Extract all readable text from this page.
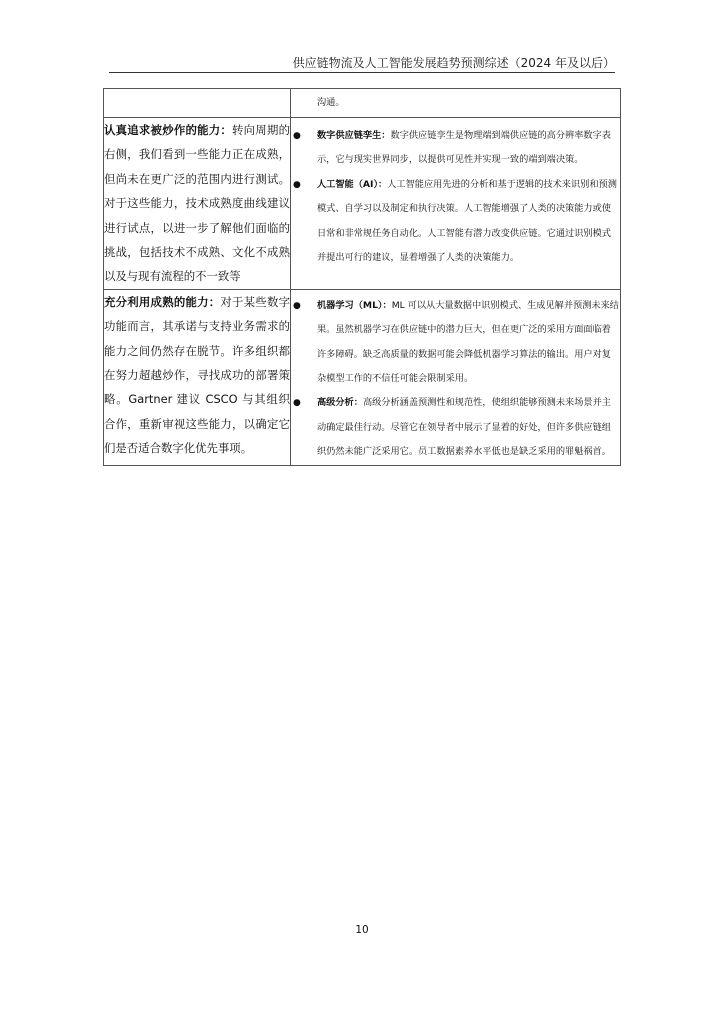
供应链物流及人工智能发展趋势预测综述（2024 年及以后）

	沟通。

认真追求被炒作的能力：转向周期的右侧，我们看到一些能力正在成熟，但尚未在更广泛的范围内进行测试。对于这些能力，技术成熟度曲线建议进行试点，以进一步了解他们面临的挑战，包括技术不成熟、文化不成熟以及与现有流程的不一致等	● 数字供应链孪生：数字供应链孪生是物理端到端供应链的高分辨率数字表示，它与现实世界同步，以提供可见性并实现一致的端到端决策。
● 人工智能（AI）：人工智能应用先进的分析和基于逻辑的技术来识别和预测模式、自学习以及制定和执行决策。人工智能增强了人类的决策能力或使日常和非常规任务自动化。人工智能有潜力改变供应链。它通过识别模式并提出可行的建议，显着增强了人类的决策能力。

充分利用成熟的能力：对于某些数字功能而言，其承诺与支持业务需求的能力之间仍然存在脱节。许多组织都在努力超越炒作，寻找成功的部署策略。Gartner 建议 CSCO 与其组织合作，重新审视这些能力，以确定它们是否适合数字化优先事项。	● 机器学习（ML）：ML 可以从大量数据中识别模式、生成见解并预测未来结果。虽然机器学习在供应链中的潜力巨大，但在更广泛的采用方面面临着许多障碍。缺乏高质量的数据可能会降低机器学习算法的输出。用户对复杂模型工作的不信任可能会限制采用。
● 高级分析：高级分析涵盖预测性和规范性，使组织能够预测未来场景并主动确定最佳行动。尽管它在领导者中展示了显着的好处，但许多供应链组织仍然未能广泛采用它。员工数据素养水平低也是缺乏采用的罪魁祸首。
10
